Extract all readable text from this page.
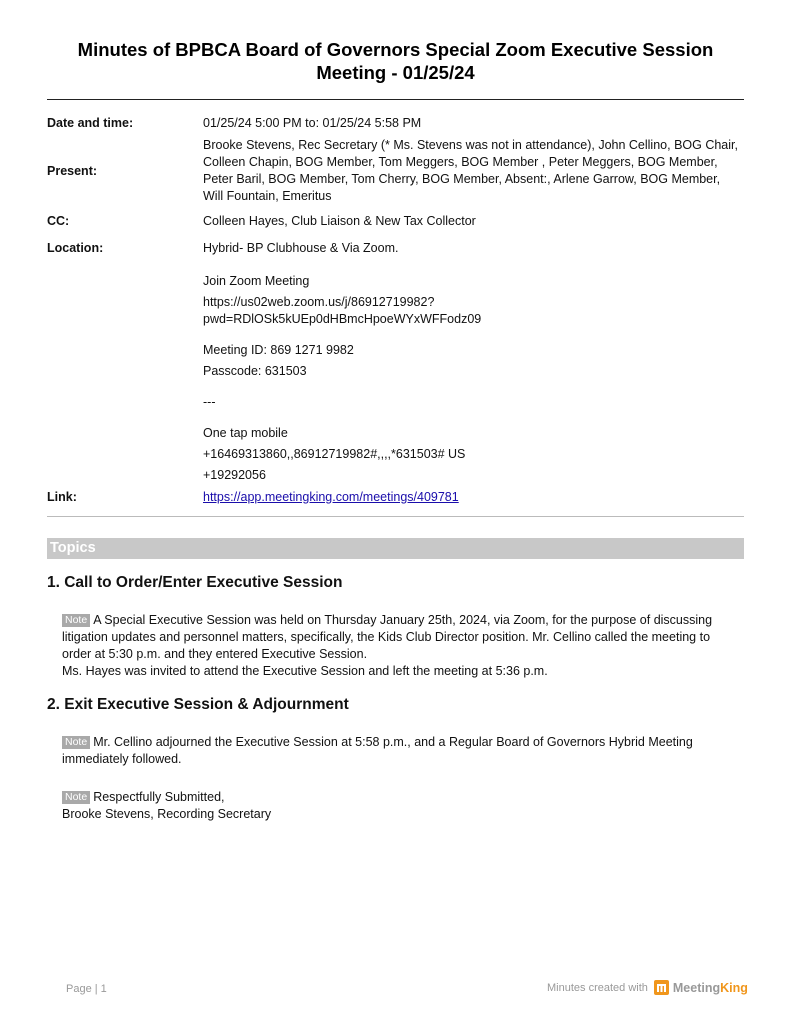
Minutes of BPBCA Board of Governors Special Zoom Executive Session Meeting - 01/25/24
Date and time:	01/25/24 5:00 PM to: 01/25/24 5:58 PM
Present:
Brooke Stevens, Rec Secretary (* Ms. Stevens was not in attendance), John Cellino, BOG Chair, Colleen Chapin, BOG Member, Tom Meggers, BOG Member , Peter Meggers, BOG Member, Peter Baril, BOG Member, Tom Cherry, BOG Member, Absent:, Arlene Garrow, BOG Member, Will Fountain, Emeritus
CC:	Colleen Hayes, Club Liaison & New Tax Collector
Location:	Hybrid- BP Clubhouse & Via Zoom.

Join Zoom Meeting

https://us02web.zoom.us/j/86912719982?

pwd=RDlOSk5kUEp0dHBmcHpoeWYxWFFodz09

Meeting ID: 869 1271 9982

Passcode: 631503

---

One tap mobile

+16469313860,,86912719982#,,,,*631503# US

+19292056

Link:	https://app.meetingking.com/meetings/409781
Topics
1. Call to Order/Enter Executive Session

Note A Special Executive Session was held on Thursday January 25th, 2024, via Zoom, for the purpose of discussing litigation updates and personnel matters, specifically, the Kids Club Director position. Mr. Cellino called the meeting to order at 5:30 p.m. and they entered Executive Session.

Ms. Hayes was invited to attend the Executive Session and left the meeting at 5:36 p.m.

2. Exit Executive Session & Adjournment

Note Mr. Cellino adjourned the Executive Session at 5:58 p.m., and a Regular Board of Governors Hybrid Meeting immediately followed.

Note Respectfully Submitted,

Brooke Stevens, Recording Secretary

Page | 1	Minutes created with MeetingKing
